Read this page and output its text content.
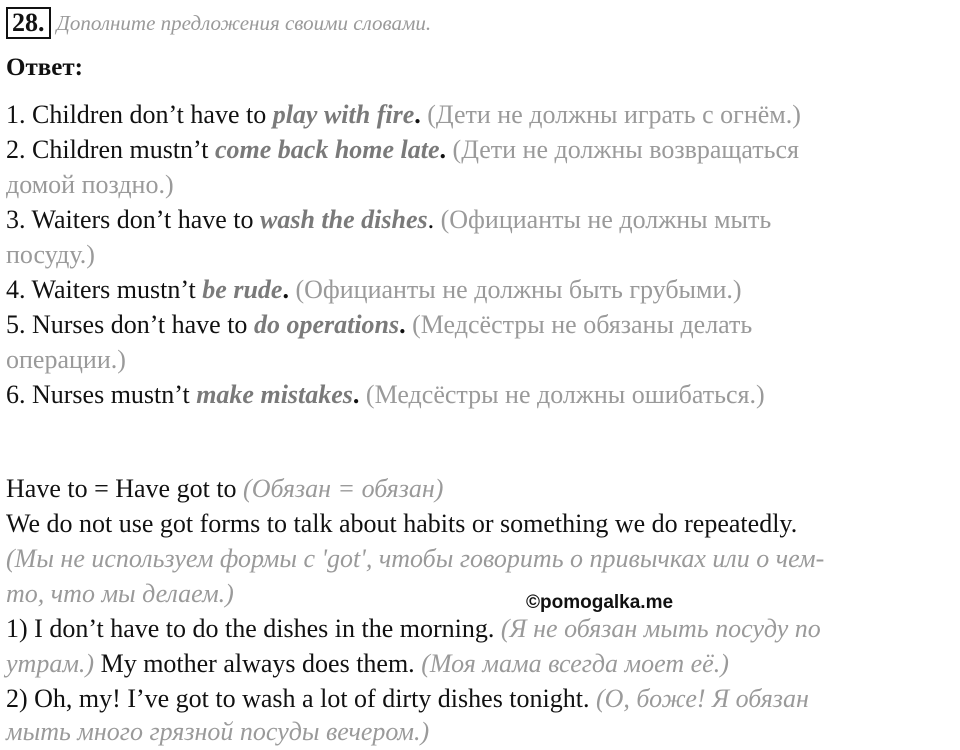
28. Дополните предложения своими словами.
Ответ:
1. Children don’t have to play with fire. (Дети не должны играть с огнём.)
2. Children mustn’t come back home late. (Дети не должны возвращаться
домой поздно.)
3. Waiters don’t have to wash the dishes. (Официанты не должны мыть
посуду.)
4. Waiters mustn’t be rude. (Официанты не должны быть грубыми.)
5. Nurses don’t have to do operations. (Медсёстры не обязаны делать
операции.)
6. Nurses mustn’t make mistakes. (Медсёстры не должны ошибаться.)
Have to = Have got to (Обязан = обязан)
We do not use got forms to talk about habits or something we do repeatedly.
(Мы не используем формы с 'got', чтобы говорить о привычках или о чем-
то, что мы делаем.)	©pomogalka.me
1) I don’t have to do the dishes in the morning. (Я не обязан мыть посуду по
утрам.) My mother always does them. (Моя мама всегда моет её.)
2) Oh, my! I’ve got to wash a lot of dirty dishes tonight. (О, боже! Я обязан
мыть много грязной посуды вечером.)
